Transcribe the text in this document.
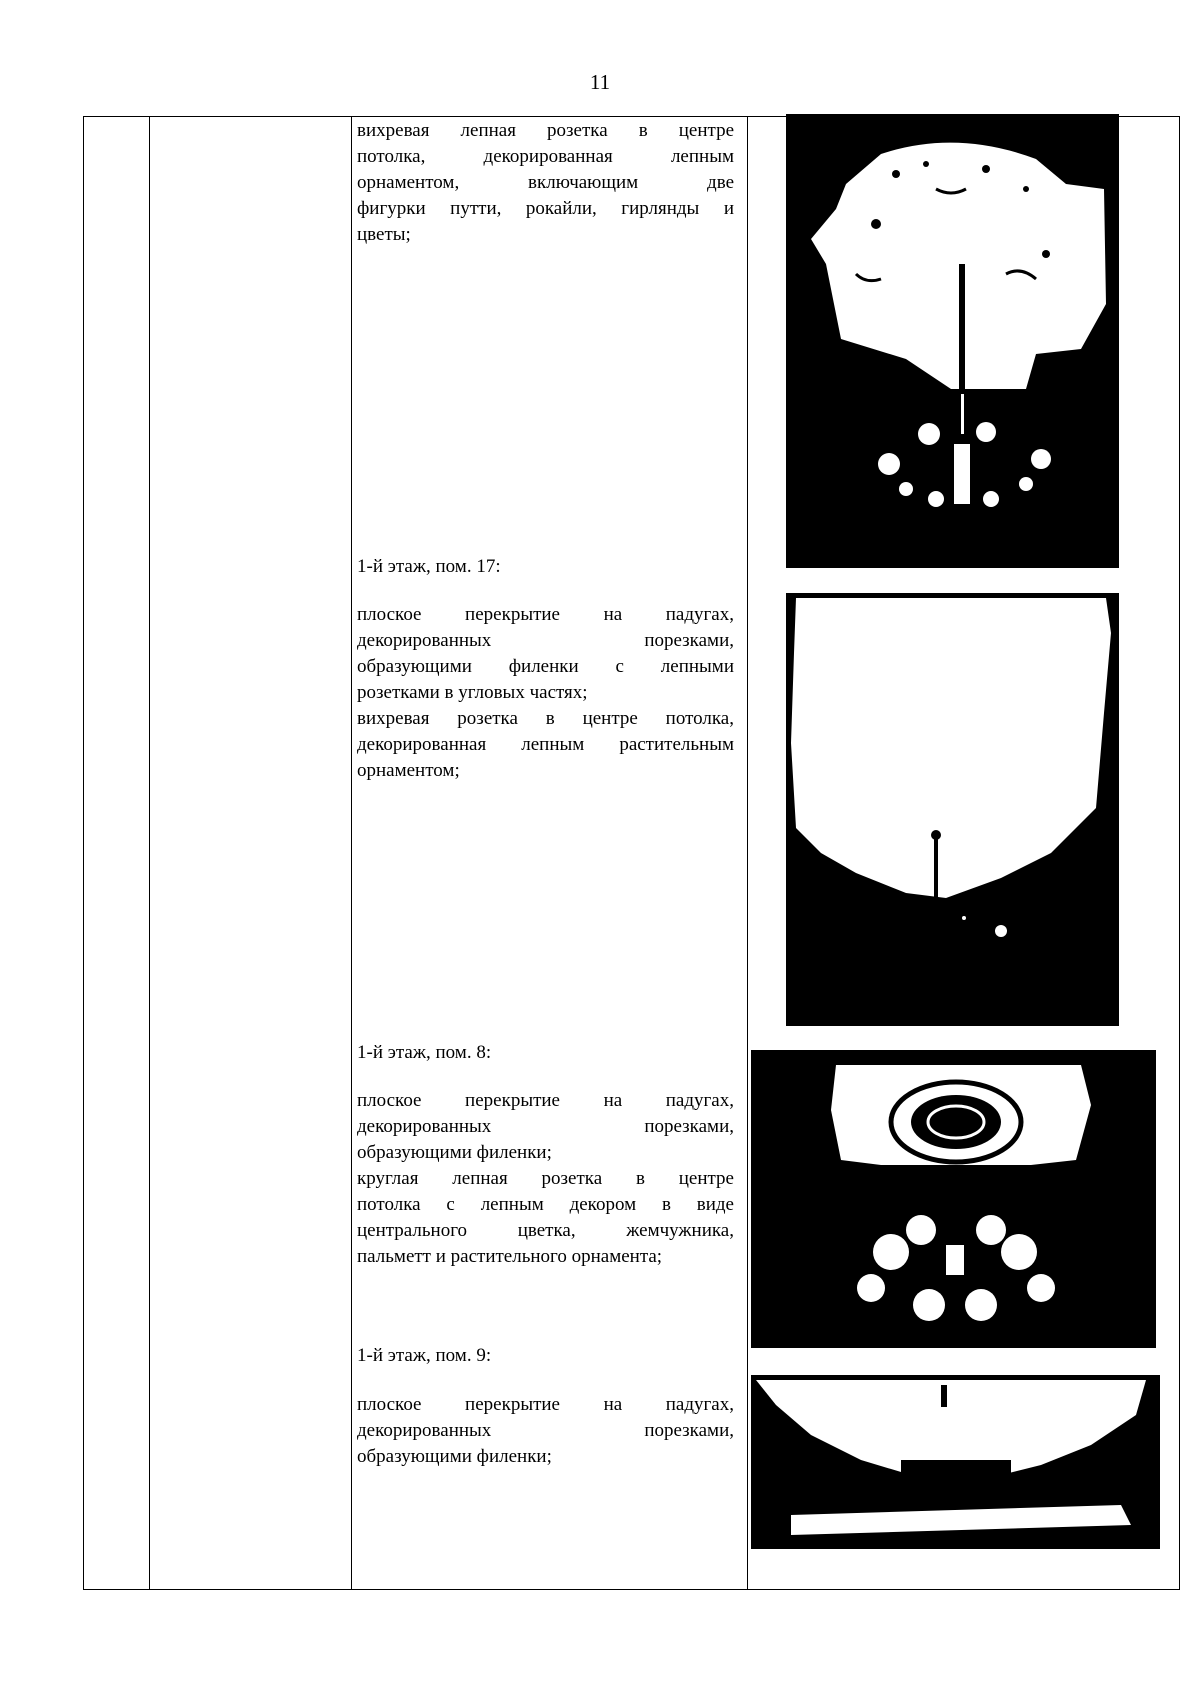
11

вихревая лепная розетка в центре
потолка, декорированная лепным
орнаментом, включающим две
фигурки путти, рокайли, гирлянды и
цветы;

1-й этаж, пом. 17:

плоское перекрытие на падугах,
декорированных порезками,
образующими филенки с лепными
розетками в угловых частях;
вихревая розетка в центре потолка,
декорированная лепным растительным
орнаментом;

1-й этаж, пом. 8:

плоское перекрытие на падугах,
декорированных порезками,
образующими филенки;
круглая лепная розетка в центре
потолка с лепным декором в виде
центрального цветка, жемчужника,
пальметт и растительного орнамента;

1-й этаж, пом. 9:

плоское перекрытие на падугах,
декорированных порезками,
образующими филенки;
